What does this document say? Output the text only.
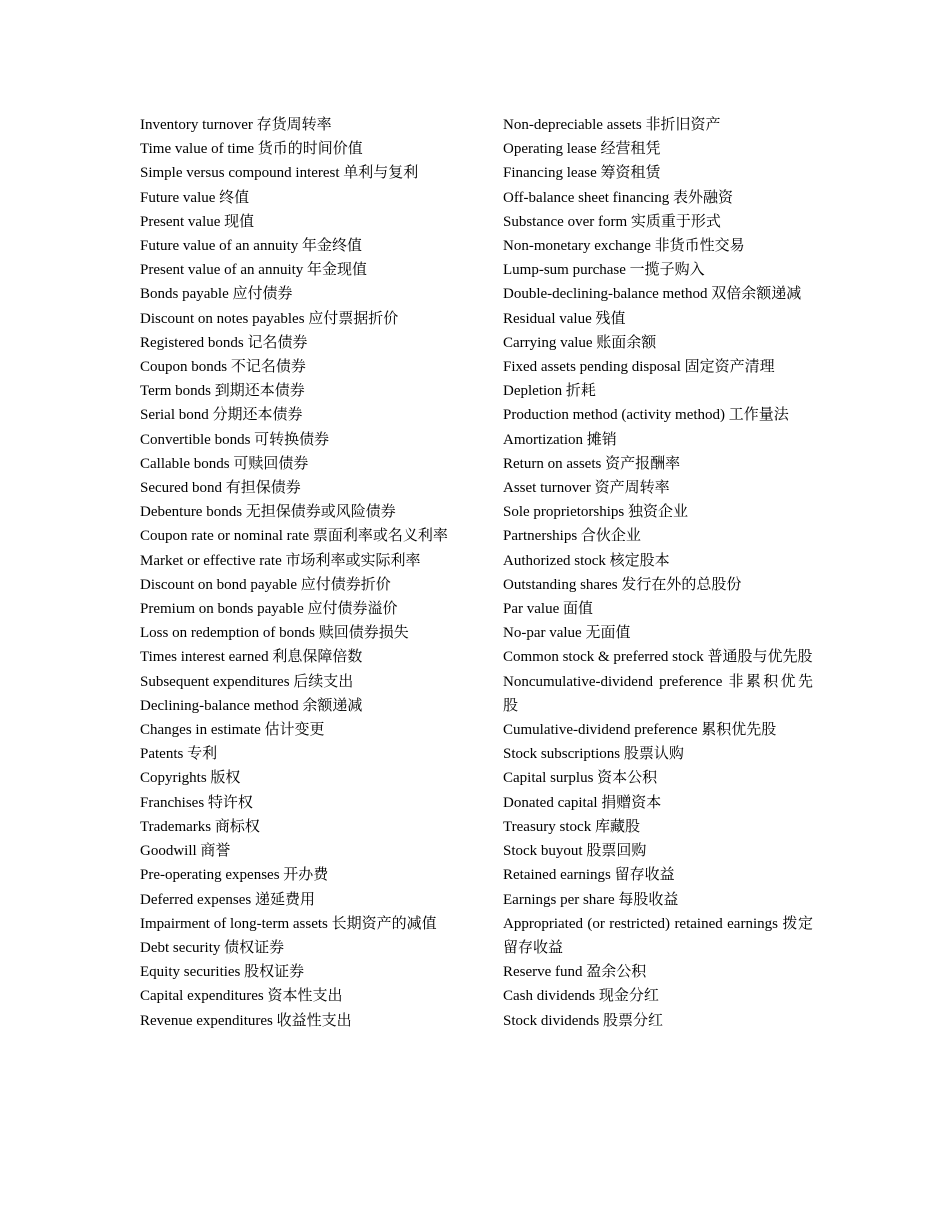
Inventory turnover 存货周转率

Time value of time 货币的时间价值

Simple versus compound interest 单利与复利

Future value 终值

Present value 现值

Future value of an annuity 年金终值

Present value of an annuity 年金现值

Bonds payable 应付债券

Discount on notes payables 应付票据折价

Registered bonds 记名债券

Coupon bonds 不记名债券

Term bonds 到期还本债券

Serial bond 分期还本债券

Convertible bonds 可转换债券

Callable bonds 可赎回债券

Secured bond 有担保债券

Debenture bonds 无担保债券或风险债券

Coupon rate or nominal rate 票面利率或名义利率

Market or effective rate 市场利率或实际利率

Discount on bond payable 应付债券折价

Premium on bonds payable 应付债券溢价

Loss on redemption of bonds 赎回债券损失

Times interest earned 利息保障倍数

Subsequent expenditures 后续支出

Declining-balance method 余额递减

Changes in estimate 估计变更

Patents 专利

Copyrights 版权

Franchises 特许权

Trademarks 商标权

Goodwill 商誉

Pre-operating expenses 开办费

Deferred expenses 递延费用

Impairment of long-term assets 长期资产的减值

Debt security 债权证券

Equity securities 股权证券

Capital expenditures 资本性支出

Revenue expenditures 收益性支出

Non-depreciable assets 非折旧资产

Operating lease 经营租凭

Financing lease 筹资租赁

Off-balance sheet financing 表外融资

Substance over form 实质重于形式

Non-monetary exchange 非货币性交易

Lump-sum purchase 一揽子购入

Double-declining-balance method 双倍余额递减

Residual value 残值

Carrying value 账面余额

Fixed assets pending disposal 固定资产清理

Depletion 折耗

Production method (activity method) 工作量法

Amortization 摊销

Return on assets 资产报酬率

Asset turnover 资产周转率

Sole proprietorships 独资企业

Partnerships 合伙企业

Authorized stock 核定股本

Outstanding shares 发行在外的总股份

Par value 面值

No-par value 无面值

Common stock & preferred stock 普通股与优先股

Noncumulative-dividend preference 非累积优先股

Cumulative-dividend preference 累积优先股

Stock subscriptions 股票认购

Capital surplus 资本公积

Donated capital 捐赠资本

Treasury stock 库藏股

Stock buyout 股票回购

Retained earnings 留存收益

Earnings per share 每股收益

Appropriated (or restricted) retained earnings 拨定留存收益

Reserve fund 盈余公积

Cash dividends 现金分红

Stock dividends 股票分红
